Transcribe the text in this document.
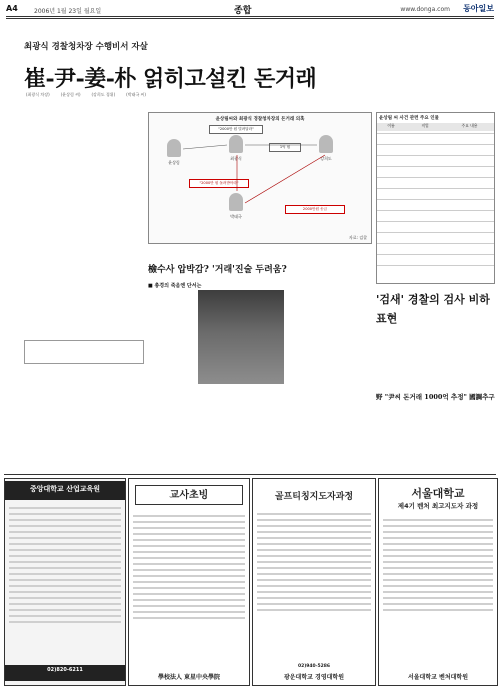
A4	2006년 1월 23일 월요일	종합	www.donga.com 동아일보
최광식 경찰청차장 수행비서 자살
崔-尹-姜-朴 얽히고설킨 돈거래
(최광식 차장)	(윤상림 씨)	(강희도 경위)	(박태국 씨)
윤상림씨와 최광식 경찰청차장의 돈거래 의혹
윤상림
최광식	강희도
박태국
"2000만 원 빌려달라"
1억 원
"2000만 원 돌려받아라"
2000만원 송금
자료: 검찰
윤상림 씨 사건 관련 주요 인물
이름	직업	주요 내용
檢수사 압박감? '거래'진술 두려움?
■ 총경의 죽음엔 단서는
'검새' 경찰의 검사 비하 표현
野 "尹씨 돈거래 1000억 추정" 國調추구
중앙대학교 산업교육원
02)820-6211
교사초빙
學校法人 東星中央學院
골프티칭지도자과정
02)940-5286
광운대학교 경영대학원
서울대학교
제4기 벤처 최고지도자 과정
서울대학교 벤처대학원
